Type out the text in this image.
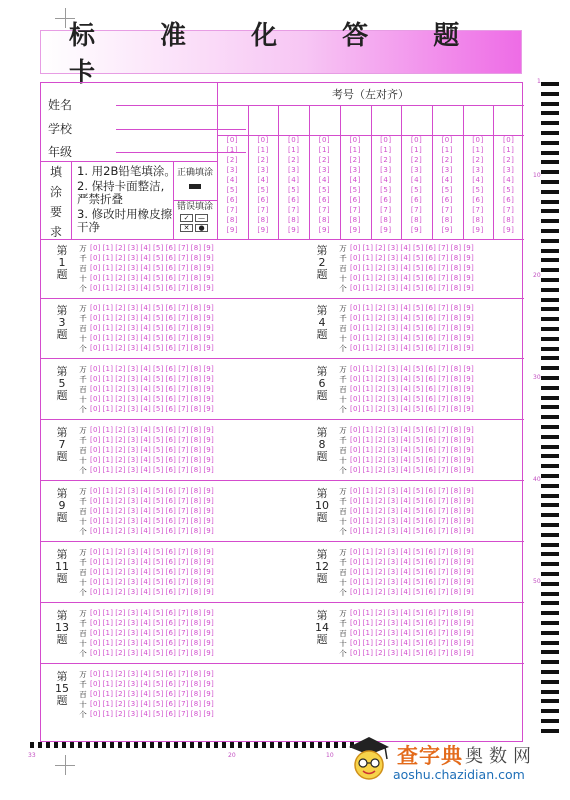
标 准 化 答 题 卡
姓名
学校
年级
填
涂
要
求
1. 用2B铅笔填涂。
2. 保持卡面整洁,严禁折叠
3. 修改时用橡皮擦干净
正确填涂
错误填涂
✓	—
✕	●
考号（左对齐）
[0]	[0]	[0]	[0]	[0]	[0]	[0]	[0]	[0]	[0]
[1]	[1]	[1]	[1]	[1]	[1]	[1]	[1]	[1]	[1]
[2]	[2]	[2]	[2]	[2]	[2]	[2]	[2]	[2]	[2]
[3]	[3]	[3]	[3]	[3]	[3]	[3]	[3]	[3]	[3]
[4]	[4]	[4]	[4]	[4]	[4]	[4]	[4]	[4]	[4]
[5]	[5]	[5]	[5]	[5]	[5]	[5]	[5]	[5]	[5]
[6]	[6]	[6]	[6]	[6]	[6]	[6]	[6]	[6]	[6]
[7]	[7]	[7]	[7]	[7]	[7]	[7]	[7]	[7]	[7]
[8]	[8]	[8]	[8]	[8]	[8]	[8]	[8]	[8]	[8]
[9]	[9]	[9]	[9]	[9]	[9]	[9]	[9]	[9]	[9]
第
1
题
万 [0] [1] [2] [3] [4] [5] [6] [7] [8] [9]
千 [0] [1] [2] [3] [4] [5] [6] [7] [8] [9]
百 [0] [1] [2] [3] [4] [5] [6] [7] [8] [9]
十 [0] [1] [2] [3] [4] [5] [6] [7] [8] [9]
个 [0] [1] [2] [3] [4] [5] [6] [7] [8] [9]
第
2
题
万 [0] [1] [2] [3] [4] [5] [6] [7] [8] [9]
千 [0] [1] [2] [3] [4] [5] [6] [7] [8] [9]
百 [0] [1] [2] [3] [4] [5] [6] [7] [8] [9]
十 [0] [1] [2] [3] [4] [5] [6] [7] [8] [9]
个 [0] [1] [2] [3] [4] [5] [6] [7] [8] [9]
第
3
题
万 [0] [1] [2] [3] [4] [5] [6] [7] [8] [9]
千 [0] [1] [2] [3] [4] [5] [6] [7] [8] [9]
百 [0] [1] [2] [3] [4] [5] [6] [7] [8] [9]
十 [0] [1] [2] [3] [4] [5] [6] [7] [8] [9]
个 [0] [1] [2] [3] [4] [5] [6] [7] [8] [9]
第
4
题
万 [0] [1] [2] [3] [4] [5] [6] [7] [8] [9]
千 [0] [1] [2] [3] [4] [5] [6] [7] [8] [9]
百 [0] [1] [2] [3] [4] [5] [6] [7] [8] [9]
十 [0] [1] [2] [3] [4] [5] [6] [7] [8] [9]
个 [0] [1] [2] [3] [4] [5] [6] [7] [8] [9]
第
5
题
万 [0] [1] [2] [3] [4] [5] [6] [7] [8] [9]
千 [0] [1] [2] [3] [4] [5] [6] [7] [8] [9]
百 [0] [1] [2] [3] [4] [5] [6] [7] [8] [9]
十 [0] [1] [2] [3] [4] [5] [6] [7] [8] [9]
个 [0] [1] [2] [3] [4] [5] [6] [7] [8] [9]
第
6
题
万 [0] [1] [2] [3] [4] [5] [6] [7] [8] [9]
千 [0] [1] [2] [3] [4] [5] [6] [7] [8] [9]
百 [0] [1] [2] [3] [4] [5] [6] [7] [8] [9]
十 [0] [1] [2] [3] [4] [5] [6] [7] [8] [9]
个 [0] [1] [2] [3] [4] [5] [6] [7] [8] [9]
第
7
题
万 [0] [1] [2] [3] [4] [5] [6] [7] [8] [9]
千 [0] [1] [2] [3] [4] [5] [6] [7] [8] [9]
百 [0] [1] [2] [3] [4] [5] [6] [7] [8] [9]
十 [0] [1] [2] [3] [4] [5] [6] [7] [8] [9]
个 [0] [1] [2] [3] [4] [5] [6] [7] [8] [9]
第
8
题
万 [0] [1] [2] [3] [4] [5] [6] [7] [8] [9]
千 [0] [1] [2] [3] [4] [5] [6] [7] [8] [9]
百 [0] [1] [2] [3] [4] [5] [6] [7] [8] [9]
十 [0] [1] [2] [3] [4] [5] [6] [7] [8] [9]
个 [0] [1] [2] [3] [4] [5] [6] [7] [8] [9]
第
9
题
万 [0] [1] [2] [3] [4] [5] [6] [7] [8] [9]
千 [0] [1] [2] [3] [4] [5] [6] [7] [8] [9]
百 [0] [1] [2] [3] [4] [5] [6] [7] [8] [9]
十 [0] [1] [2] [3] [4] [5] [6] [7] [8] [9]
个 [0] [1] [2] [3] [4] [5] [6] [7] [8] [9]
第
10
题
万 [0] [1] [2] [3] [4] [5] [6] [7] [8] [9]
千 [0] [1] [2] [3] [4] [5] [6] [7] [8] [9]
百 [0] [1] [2] [3] [4] [5] [6] [7] [8] [9]
十 [0] [1] [2] [3] [4] [5] [6] [7] [8] [9]
个 [0] [1] [2] [3] [4] [5] [6] [7] [8] [9]
第
11
题
万 [0] [1] [2] [3] [4] [5] [6] [7] [8] [9]
千 [0] [1] [2] [3] [4] [5] [6] [7] [8] [9]
百 [0] [1] [2] [3] [4] [5] [6] [7] [8] [9]
十 [0] [1] [2] [3] [4] [5] [6] [7] [8] [9]
个 [0] [1] [2] [3] [4] [5] [6] [7] [8] [9]
第
12
题
万 [0] [1] [2] [3] [4] [5] [6] [7] [8] [9]
千 [0] [1] [2] [3] [4] [5] [6] [7] [8] [9]
百 [0] [1] [2] [3] [4] [5] [6] [7] [8] [9]
十 [0] [1] [2] [3] [4] [5] [6] [7] [8] [9]
个 [0] [1] [2] [3] [4] [5] [6] [7] [8] [9]
第
13
题
万 [0] [1] [2] [3] [4] [5] [6] [7] [8] [9]
千 [0] [1] [2] [3] [4] [5] [6] [7] [8] [9]
百 [0] [1] [2] [3] [4] [5] [6] [7] [8] [9]
十 [0] [1] [2] [3] [4] [5] [6] [7] [8] [9]
个 [0] [1] [2] [3] [4] [5] [6] [7] [8] [9]
第
14
题
万 [0] [1] [2] [3] [4] [5] [6] [7] [8] [9]
千 [0] [1] [2] [3] [4] [5] [6] [7] [8] [9]
百 [0] [1] [2] [3] [4] [5] [6] [7] [8] [9]
十 [0] [1] [2] [3] [4] [5] [6] [7] [8] [9]
个 [0] [1] [2] [3] [4] [5] [6] [7] [8] [9]
第
15
题
万 [0] [1] [2] [3] [4] [5] [6] [7] [8] [9]
千 [0] [1] [2] [3] [4] [5] [6] [7] [8] [9]
百 [0] [1] [2] [3] [4] [5] [6] [7] [8] [9]
十 [0] [1] [2] [3] [4] [5] [6] [7] [8] [9]
个 [0] [1] [2] [3] [4] [5] [6] [7] [8] [9]
1
10
20
30
40
50
33	20	10	查字典 奥数网
aoshu.chazidian.com
